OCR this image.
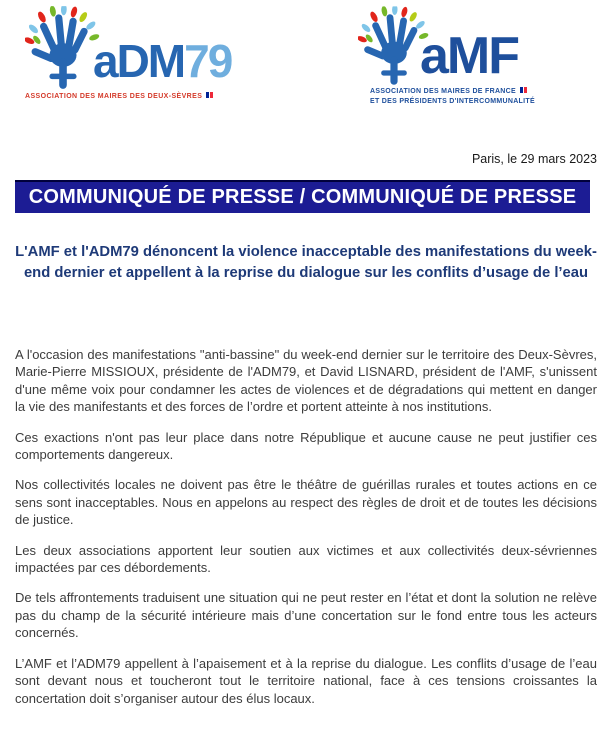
aDM79
ASSOCIATION DES MAIRES DES DEUX-SÈVRES
aMF
ASSOCIATION DES MAIRES DE FRANCE
ET DES PRÉSIDENTS D'INTERCOMMUNALITÉ
Paris, le 29 mars 2023
COMMUNIQUÉ DE PRESSE / COMMUNIQUÉ DE PRESSE
L'AMF et l'ADM79 dénoncent la violence inacceptable des manifestations du week-end dernier et appellent à la reprise du dialogue sur les conflits d’usage de l’eau

A l'occasion des manifestations "anti-bassine" du week-end dernier sur le territoire des Deux-Sèvres, Marie-Pierre MISSIOUX, présidente de l'ADM79, et David LISNARD, président de l'AMF, s'unissent d'une même voix pour condamner les actes de violences et de dégradations qui mettent en danger la vie des manifestants et des forces de l’ordre et portent atteinte à nos institutions.

Ces exactions n'ont pas leur place dans notre République et aucune cause ne peut justifier ces comportements dangereux.

Nos collectivités locales ne doivent pas être le théâtre de guérillas rurales et toutes actions en ce sens sont inacceptables. Nous en appelons au respect des règles de droit et de toutes les décisions de justice.

Les deux associations apportent leur soutien aux victimes et aux collectivités deux-sévriennes impactées par ces débordements.

De tels affrontements traduisent une situation qui ne peut rester en l’état et dont la solution ne relève pas du champ de la sécurité intérieure mais d’une concertation sur le fond entre tous les acteurs concernés.

L’AMF et l’ADM79 appellent à l’apaisement et à la reprise du dialogue. Les conflits d’usage de l’eau sont devant nous et toucheront tout le territoire national, face à ces tensions croissantes la concertation doit s’organiser autour des élus locaux.
